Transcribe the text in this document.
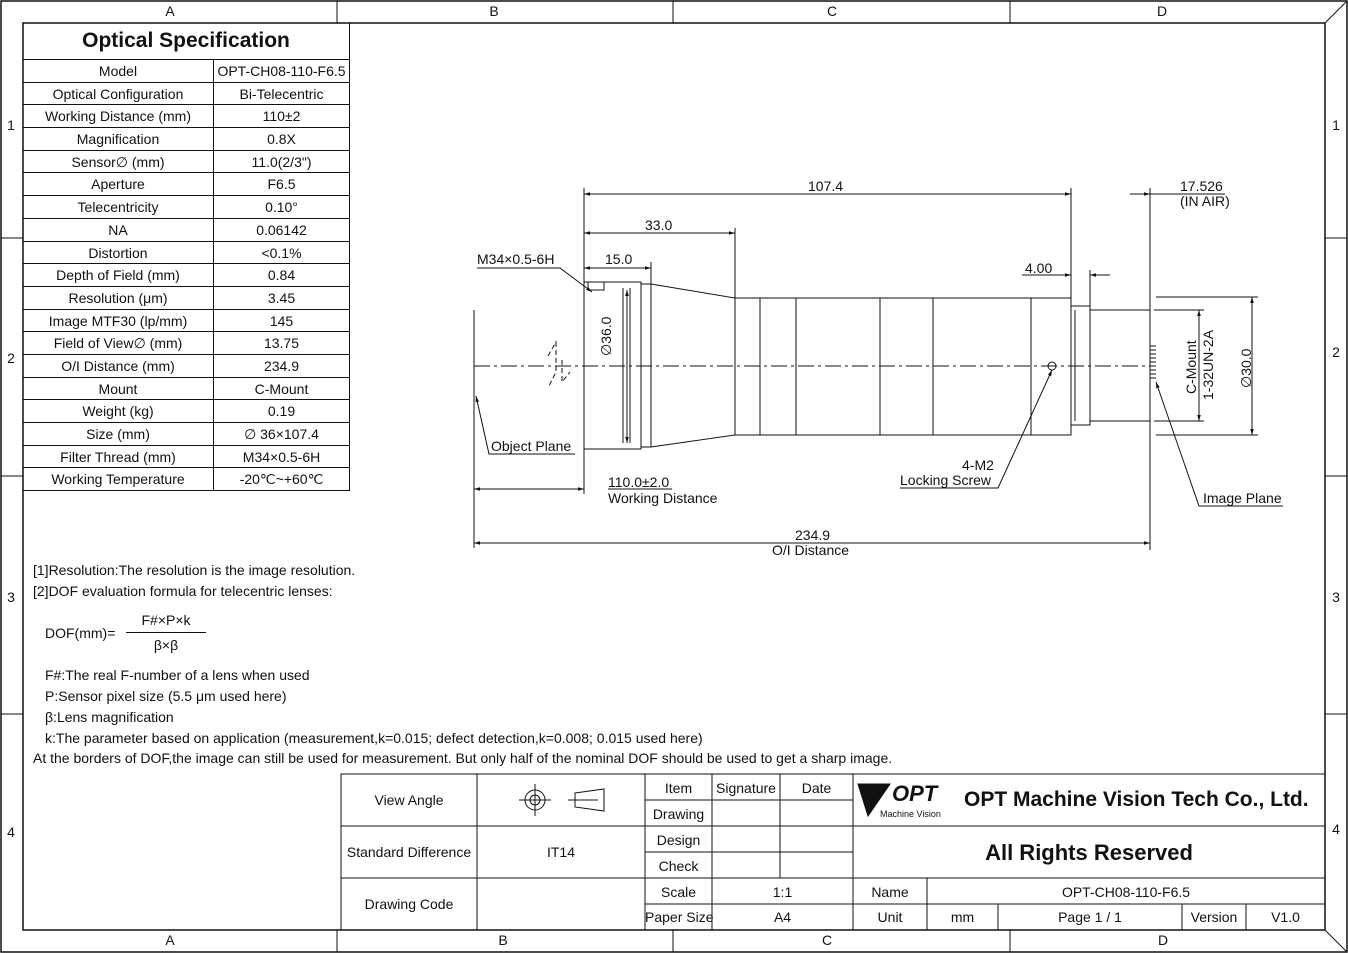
A	B	C	D
A	B	C	D
1
2
3
4
1
2
3
4
Optical Specification
Model	OPT-CH08-110-F6.5
Optical Configuration	Bi-Telecentric
Working Distance (mm)	110±2
Magnification	0.8X
Sensor∅ (mm)	11.0(2/3")
Aperture	F6.5
Telecentricity	0.10°
NA	0.06142
Distortion	<0.1%
Depth of Field (mm)	0.84
Resolution (μm)	3.45
Image MTF30 (lp/mm)	145
Field of View∅ (mm)	13.75
O/I Distance (mm)	234.9
Mount	C-Mount
Weight (kg)	0.19
Size (mm)	∅ 36×107.4
Filter Thread (mm)	M34×0.5-6H
Working Temperature	-20℃~+60℃
107.4	17.526
(IN AIR)
33.0
15.0
M34×0.5-6H
4.00
∅36.0
∅30.0
C-Mount 1-32UN-2A
Object Plane
110.0±2.0
Working Distance
4-M2
Locking Screw
Image Plane
234.9
O/I Distance
[1]Resolution:The resolution is the image resolution.
[2]DOF evaluation formula for telecentric lenses:
DOF(mm)=
F#×P×k
β×β
F#:The real F-number of a lens when used
P:Sensor pixel size (5.5 μm used here)
β:Lens magnification
k:The parameter based on application (measurement,k=0.015; defect detection,k=0.008; 0.015 used here)
At the borders of DOF,the image can still be used for measurement. But only half of the nominal DOF should be used to get a sharp image.
View Angle
Standard Difference	IT14
Drawing Code
Item	Signature	Date
Drawing
Design
Check
Scale	1:1
Paper Size	A4
OPT
Machine Vision
OPT Machine Vision Tech Co., Ltd.
All Rights Reserved
Name	OPT-CH08-110-F6.5
Unit	mm	Page 1 / 1	Version	V1.0
